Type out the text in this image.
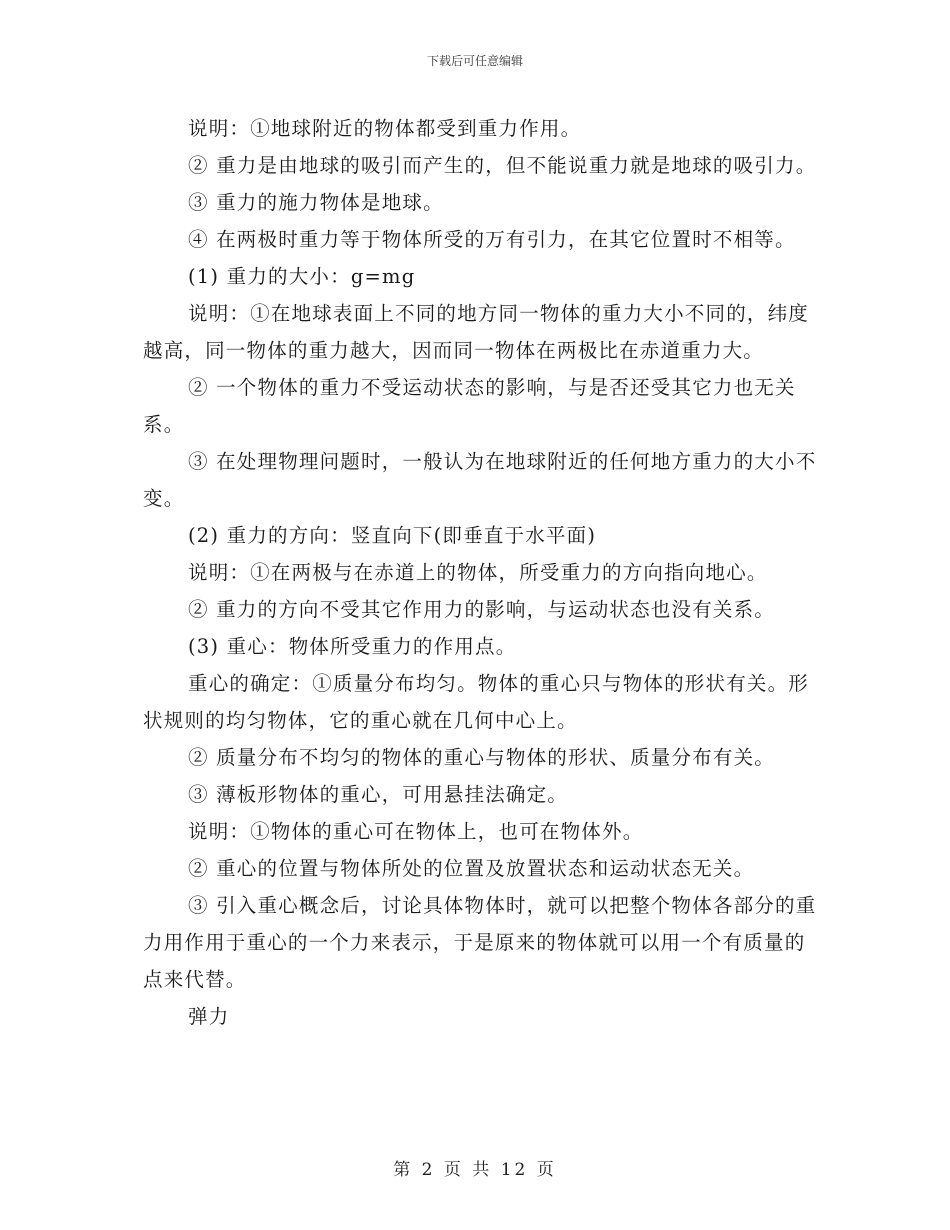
下载后可任意编辑

说明：①地球附近的物体都受到重力作用。

② 重力是由地球的吸引而产生的，但不能说重力就是地球的吸引力。

③ 重力的施力物体是地球。

④ 在两极时重力等于物体所受的万有引力，在其它位置时不相等。

(1) 重力的大小：g=mg

说明：①在地球表面上不同的地方同一物体的重力大小不同的，纬度越高，同一物体的重力越大，因而同一物体在两极比在赤道重力大。

② 一个物体的重力不受运动状态的影响，与是否还受其它力也无关系。

③ 在处理物理问题时，一般认为在地球附近的任何地方重力的大小不变。

(2) 重力的方向：竖直向下(即垂直于水平面)

说明：①在两极与在赤道上的物体，所受重力的方向指向地心。

② 重力的方向不受其它作用力的影响，与运动状态也没有关系。

(3) 重心：物体所受重力的作用点。

重心的确定：①质量分布均匀。物体的重心只与物体的形状有关。形状规则的均匀物体，它的重心就在几何中心上。

② 质量分布不均匀的物体的重心与物体的形状、质量分布有关。

③ 薄板形物体的重心，可用悬挂法确定。

说明：①物体的重心可在物体上，也可在物体外。

② 重心的位置与物体所处的位置及放置状态和运动状态无关。

③ 引入重心概念后，讨论具体物体时，就可以把整个物体各部分的重力用作用于重心的一个力来表示，于是原来的物体就可以用一个有质量的点来代替。

弹力

第 2 页 共 12 页
